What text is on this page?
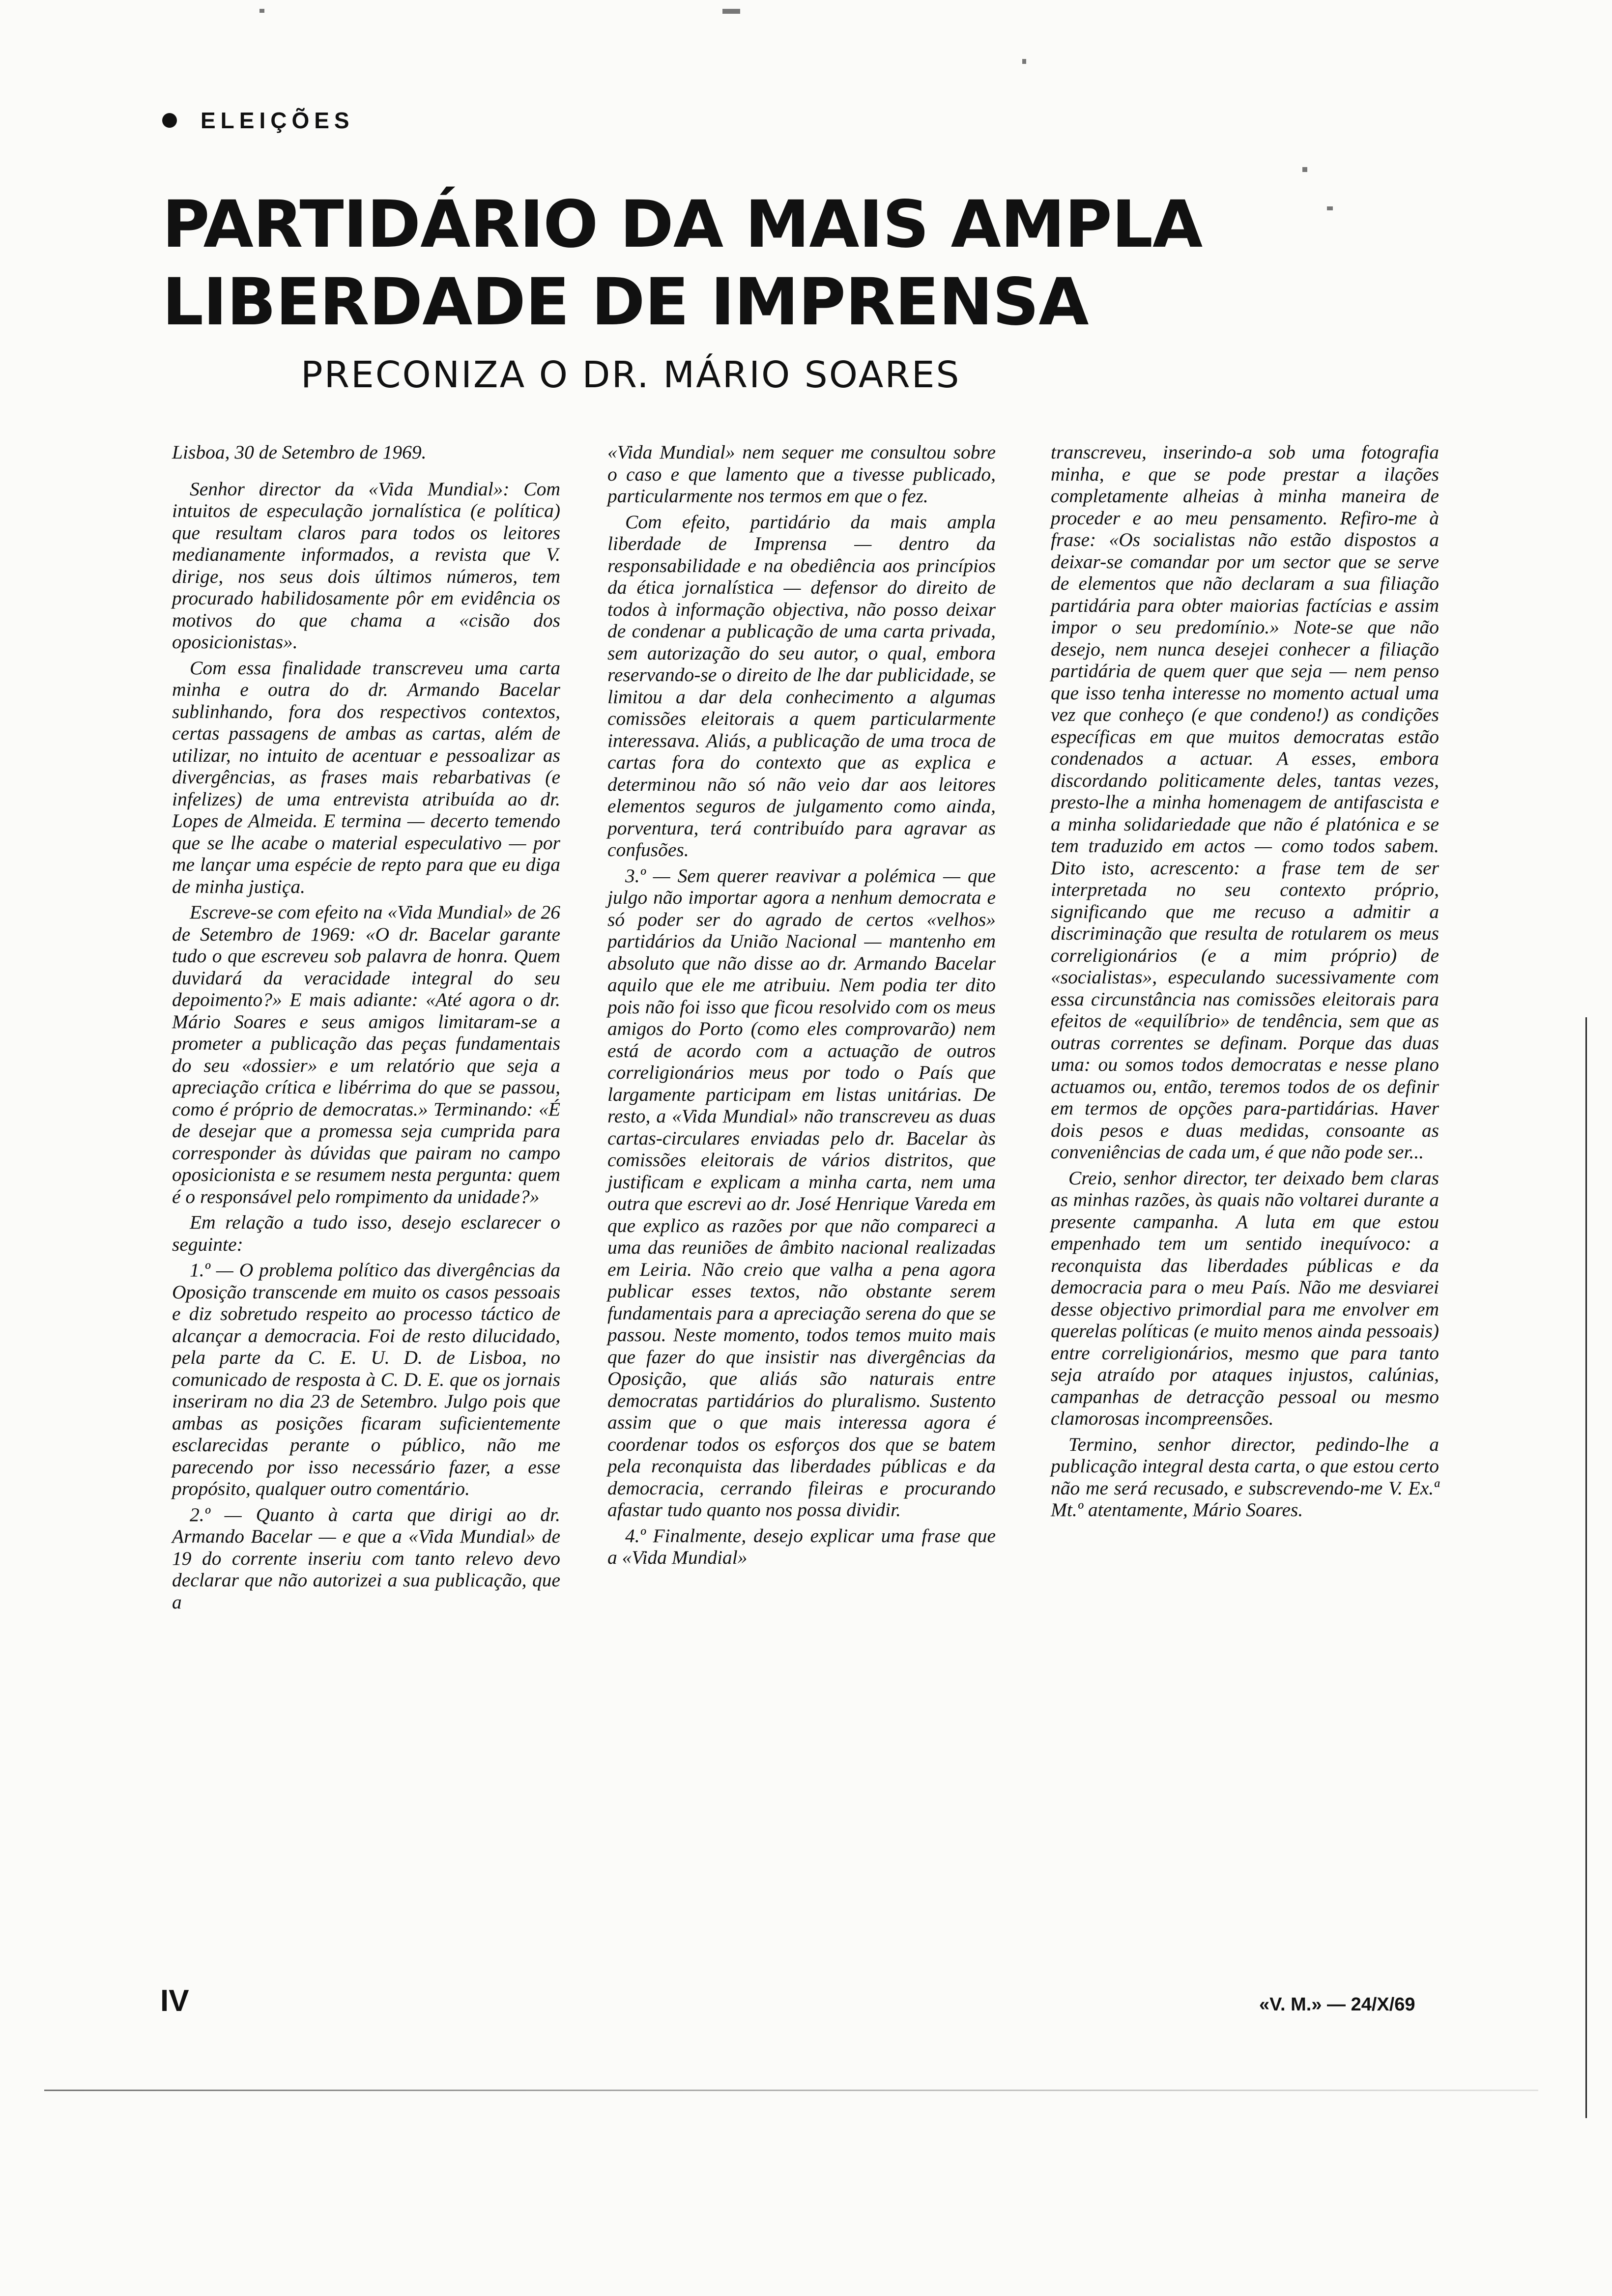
ELEIÇÕES
PARTIDÁRIO DA MAIS AMPLA
LIBERDADE DE IMPRENSA
PRECONIZA O DR. MÁRIO SOARES

Lisboa, 30 de Setembro de 1969.

Senhor director da «Vida Mundial»: Com intuitos de especulação jornalística (e política) que resultam claros para todos os leitores medianamente informados, a revista que V. dirige, nos seus dois últimos números, tem procurado habilidosamente pôr em evidência os motivos do que chama a «cisão dos oposicionistas».

Com essa finalidade transcreveu uma carta minha e outra do dr. Armando Bacelar sublinhando, fora dos respectivos contextos, certas passagens de ambas as cartas, além de utilizar, no intuito de acentuar e pessoalizar as divergências, as frases mais rebarbativas (e infelizes) de uma entrevista atribuída ao dr. Lopes de Almeida. E termina — decerto temendo que se lhe acabe o material especulativo — por me lançar uma espécie de repto para que eu diga de minha justiça.

Escreve-se com efeito na «Vida Mundial» de 26 de Setembro de 1969: «O dr. Bacelar garante tudo o que escreveu sob palavra de honra. Quem duvidará da veracidade integral do seu depoimento?» E mais adiante: «Até agora o dr. Mário Soares e seus amigos limitaram-se a prometer a publicação das peças fundamentais do seu «dossier» e um relatório que seja a apreciação crítica e libérrima do que se passou, como é próprio de democratas.» Terminando: «É de desejar que a promessa seja cumprida para corresponder às dúvidas que pairam no campo oposicionista e se resumem nesta pergunta: quem é o responsável pelo rompimento da unidade?»

Em relação a tudo isso, desejo esclarecer o seguinte:

1.º — O problema político das divergências da Oposição transcende em muito os casos pessoais e diz sobretudo respeito ao processo táctico de alcançar a democracia. Foi de resto dilucidado, pela parte da C. E. U. D. de Lisboa, no comunicado de resposta à C. D. E. que os jornais inseriram no dia 23 de Setembro. Julgo pois que ambas as posições ficaram suficientemente esclarecidas perante o público, não me parecendo por isso necessário fazer, a esse propósito, qualquer outro comentário.

2.º — Quanto à carta que dirigi ao dr. Armando Bacelar — e que a «Vida Mundial» de 19 do corrente inseriu com tanto relevo devo declarar que não autorizei a sua publicação, que a

«Vida Mundial» nem sequer me consultou sobre o caso e que lamento que a tivesse publicado, particularmente nos termos em que o fez.

Com efeito, partidário da mais ampla liberdade de Imprensa — dentro da responsabilidade e na obediência aos princípios da ética jornalística — defensor do direito de todos à informação objectiva, não posso deixar de condenar a publicação de uma carta privada, sem autorização do seu autor, o qual, embora reservando-se o direito de lhe dar publicidade, se limitou a dar dela conhecimento a algumas comissões eleitorais a quem particularmente interessava. Aliás, a publicação de uma troca de cartas fora do contexto que as explica e determinou não só não veio dar aos leitores elementos seguros de julgamento como ainda, porventura, terá contribuído para agravar as confusões.

3.º — Sem querer reavivar a polémica — que julgo não importar agora a nenhum democrata e só poder ser do agrado de certos «velhos» partidários da União Nacional — mantenho em absoluto que não disse ao dr. Armando Bacelar aquilo que ele me atribuiu. Nem podia ter dito pois não foi isso que ficou resolvido com os meus amigos do Porto (como eles comprovarão) nem está de acordo com a actuação de outros correligionários meus por todo o País que largamente participam em listas unitárias. De resto, a «Vida Mundial» não transcreveu as duas cartas-circulares enviadas pelo dr. Bacelar às comissões eleitorais de vários distritos, que justificam e explicam a minha carta, nem uma outra que escrevi ao dr. José Henrique Vareda em que explico as razões por que não compareci a uma das reuniões de âmbito nacional realizadas em Leiria. Não creio que valha a pena agora publicar esses textos, não obstante serem fundamentais para a apreciação serena do que se passou. Neste momento, todos temos muito mais que fazer do que insistir nas divergências da Oposição, que aliás são naturais entre democratas partidários do pluralismo. Sustento assim que o que mais interessa agora é coordenar todos os esforços dos que se batem pela reconquista das liberdades públicas e da democracia, cerrando fileiras e procurando afastar tudo quanto nos possa dividir.

4.º Finalmente, desejo explicar uma frase que a «Vida Mundial»

transcreveu, inserindo-a sob uma fotografia minha, e que se pode prestar a ilações completamente alheias à minha maneira de proceder e ao meu pensamento. Refiro-me à frase: «Os socialistas não estão dispostos a deixar-se comandar por um sector que se serve de elementos que não declaram a sua filiação partidária para obter maiorias factícias e assim impor o seu predomínio.» Note-se que não desejo, nem nunca desejei conhecer a filiação partidária de quem quer que seja — nem penso que isso tenha interesse no momento actual uma vez que conheço (e que condeno!) as condições específicas em que muitos democratas estão condenados a actuar. A esses, embora discordando politicamente deles, tantas vezes, presto-lhe a minha homenagem de antifascista e a minha solidariedade que não é platónica e se tem traduzido em actos — como todos sabem. Dito isto, acrescento: a frase tem de ser interpretada no seu contexto próprio, significando que me recuso a admitir a discriminação que resulta de rotularem os meus correligionários (e a mim próprio) de «socialistas», especulando sucessivamente com essa circunstância nas comissões eleitorais para efeitos de «equilíbrio» de tendência, sem que as outras correntes se definam. Porque das duas uma: ou somos todos democratas e nesse plano actuamos ou, então, teremos todos de os definir em termos de opções para-partidárias. Haver dois pesos e duas medidas, consoante as conveniências de cada um, é que não pode ser...

Creio, senhor director, ter deixado bem claras as minhas razões, às quais não voltarei durante a presente campanha. A luta em que estou empenhado tem um sentido inequívoco: a reconquista das liberdades públicas e da democracia para o meu País. Não me desviarei desse objectivo primordial para me envolver em querelas políticas (e muito menos ainda pessoais) entre correligionários, mesmo que para tanto seja atraído por ataques injustos, calúnias, campanhas de detracção pessoal ou mesmo clamorosas incompreensões.

Termino, senhor director, pedindo-lhe a publicação integral desta carta, o que estou certo não me será recusado, e subscrevendo-me V. Ex.ª Mt.º atentamente, Mário Soares.

IV	«V. M.» — 24/X/69
